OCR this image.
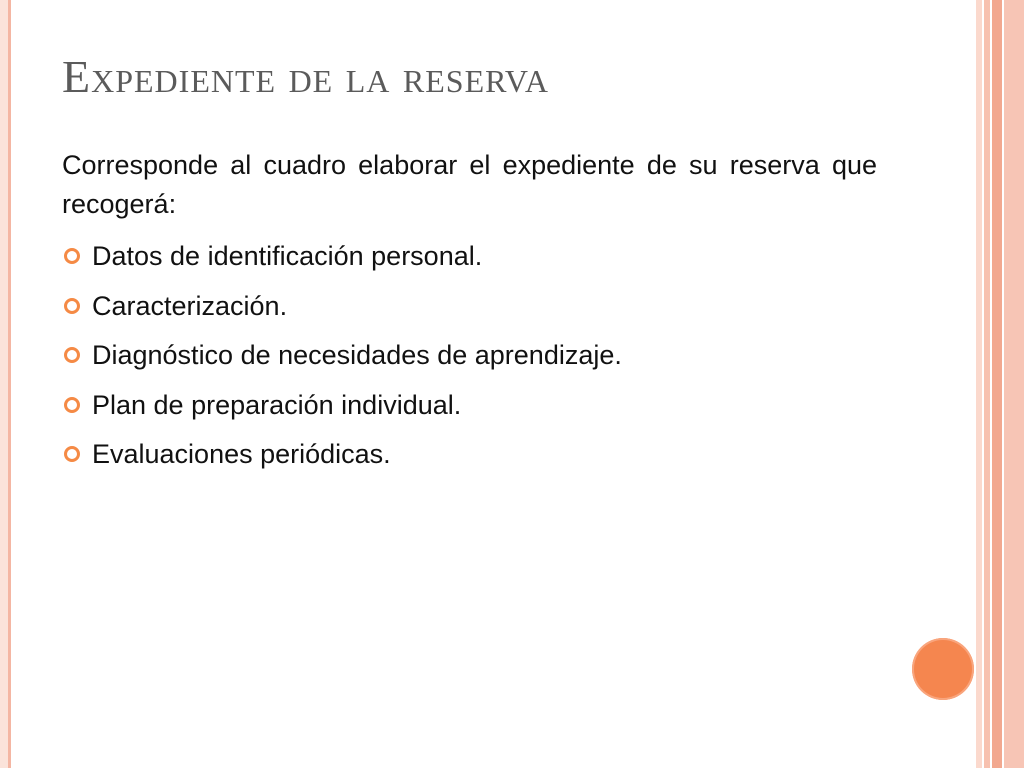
Expediente de la reserva

Corresponde al cuadro elaborar el expediente de su reserva que recogerá:

Datos de identificación personal.
Caracterización.
Diagnóstico de necesidades de aprendizaje.
Plan de preparación individual.
Evaluaciones periódicas.
